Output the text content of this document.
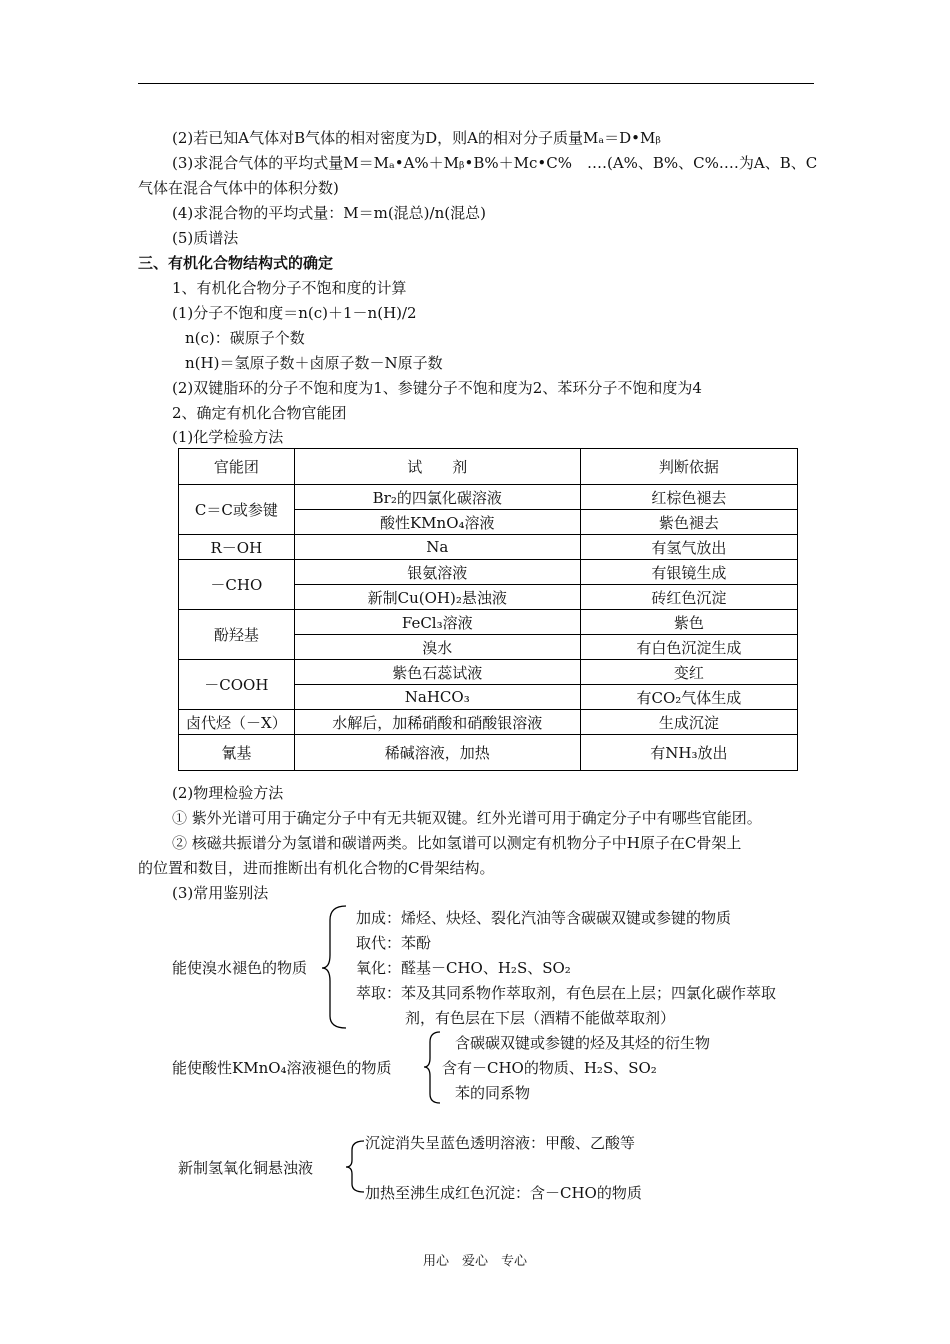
(2)若已知A气体对B气体的相对密度为D，则A的相对分子质量Mₐ＝D•Mᵦ
(3)求混合气体的平均式量M＝Mₐ•A%＋Mᵦ•B%＋Mc•C%　‥‥(A%、B%、C%‥‥为A、B、C
气体在混合气体中的体积分数)
(4)求混合物的平均式量：M＝m(混总)/n(混总)
(5)质谱法
三、有机化合物结构式的确定
1、有机化合物分子不饱和度的计算
(1)分子不饱和度＝n(c)＋1－n(H)/2
n(c)：碳原子个数
n(H)＝氢原子数＋卤原子数－N原子数
(2)双键脂环的分子不饱和度为1、参键分子不饱和度为2、苯环分子不饱和度为4
2、确定有机化合物官能团
(1)化学检验方法
官能团	试　　剂	判断依据
C＝C或参键	Br₂的四氯化碳溶液	红棕色褪去
	酸性KMnO₄溶液	紫色褪去
R－OH	Na	有氢气放出
－CHO	银氨溶液	有银镜生成
	新制Cu(OH)₂悬浊液	砖红色沉淀
酚羟基	FeCl₃溶液	紫色
	溴水	有白色沉淀生成
－COOH	紫色石蕊试液	变红
	NaHCO₃	有CO₂气体生成
卤代烃（－X）	水解后，加稀硝酸和硝酸银溶液	生成沉淀
氰基	稀碱溶液，加热	有NH₃放出
(2)物理检验方法
① 紫外光谱可用于确定分子中有无共轭双键。红外光谱可用于确定分子中有哪些官能团。
② 核磁共振谱分为氢谱和碳谱两类。比如氢谱可以测定有机物分子中H原子在C骨架上
的位置和数目，进而推断出有机化合物的C骨架结构。
(3)常用鉴别法
能使溴水褪色的物质
加成：烯烃、炔烃、裂化汽油等含碳碳双键或参键的物质
取代：苯酚
氧化：醛基－CHO、H₂S、SO₂
萃取：苯及其同系物作萃取剂，有色层在上层；四氯化碳作萃取
剂，有色层在下层（酒精不能做萃取剂）
能使酸性KMnO₄溶液褪色的物质
含碳碳双键或参键的烃及其烃的衍生物
含有－CHO的物质、H₂S、SO₂
苯的同系物
新制氢氧化铜悬浊液
沉淀消失呈蓝色透明溶液：甲酸、乙酸等
加热至沸生成红色沉淀：含－CHO的物质
用心　爱心　专心
